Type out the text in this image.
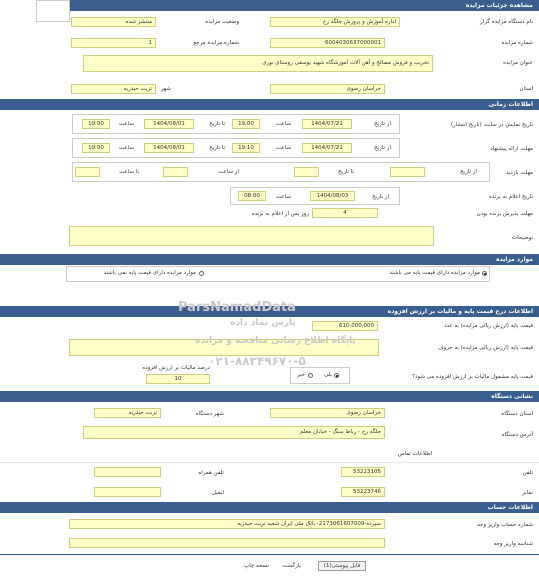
مشاهده جزئیات مزایده
نام دستگاه مزایده گزار
اداره آموزش و پرورش جلگه رخ
وضعیت مزایده
منتشر شده
شماره مزایده
6004030637000001
شماره مزایده مرجع
1
عنوان مزایده
تخریب و فروش مصالح و آهن آلات آموزشگاه شهید یوسفی روستای نوری
استان
خراسان رضوی
شهر
تربت حیدریه
اطلاعات زمانی
تاریخ نمایش در سایت (تاریخ انتشار)
از تاریخ
1404/07/21
ساعت
19:00
تا تاریخ
1404/08/01
ساعت
19:00
مهلت ارائه پیشنهاد
از تاریخ
1404/07/21
ساعت
19:10
تا تاریخ
1404/08/01
ساعت
19:00
مهلت بازدید
از تاریخ
تا تاریخ
از ساعت
تا ساعت
تاریخ اعلام به برنده
از تاریخ
1404/08/03
ساعت
08:00
مهلت پذیرش برنده بودن
4
روز پس از اعلام به برنده
توضیحات
موارد مزایده
موارد مزایده دارای قیمت پایه می باشند
موارد مزایده دارای قیمت پایه نمی باشند
اطلاعات درج قیمت پایه و مالیات بر ارزش افزوده
قیمت پایه (ارزش ریالی مزایده) به عدد
610,000,000
قیمت پایه (ارزش ریالی مزایده) به حروف
قیمت پایه مشمول مالیات بر ارزش افزوده می شود؟
بلی
خیر
درصد مالیات بر ارزش افزوده
10
نشانی دستگاه
استان دستگاه
خراسان رضوی
شهر دستگاه
تربت حیدریه
آدرس دستگاه
جلگه رخ - رباط سنگ - خیابان معلم
اطلاعات تماس
تلفن
53223105
تلفن همراه
نمابر
53223746
ایمیل
اطلاعات حساب
شماره حساب واریز وجه
سپرده-2173061607009- بانک ملی ایران شعبه تربت حیدریه
شناسه واریز وجه
فایل پیوستی(1)
بازگشت
نسخه چاپ
ParsNamadData
پارس نماد داده
پایگاه اطلاع رسانی مناقصه و مزایده
۰۲۱-۸۸۳۴۹۶۷۰-۵
